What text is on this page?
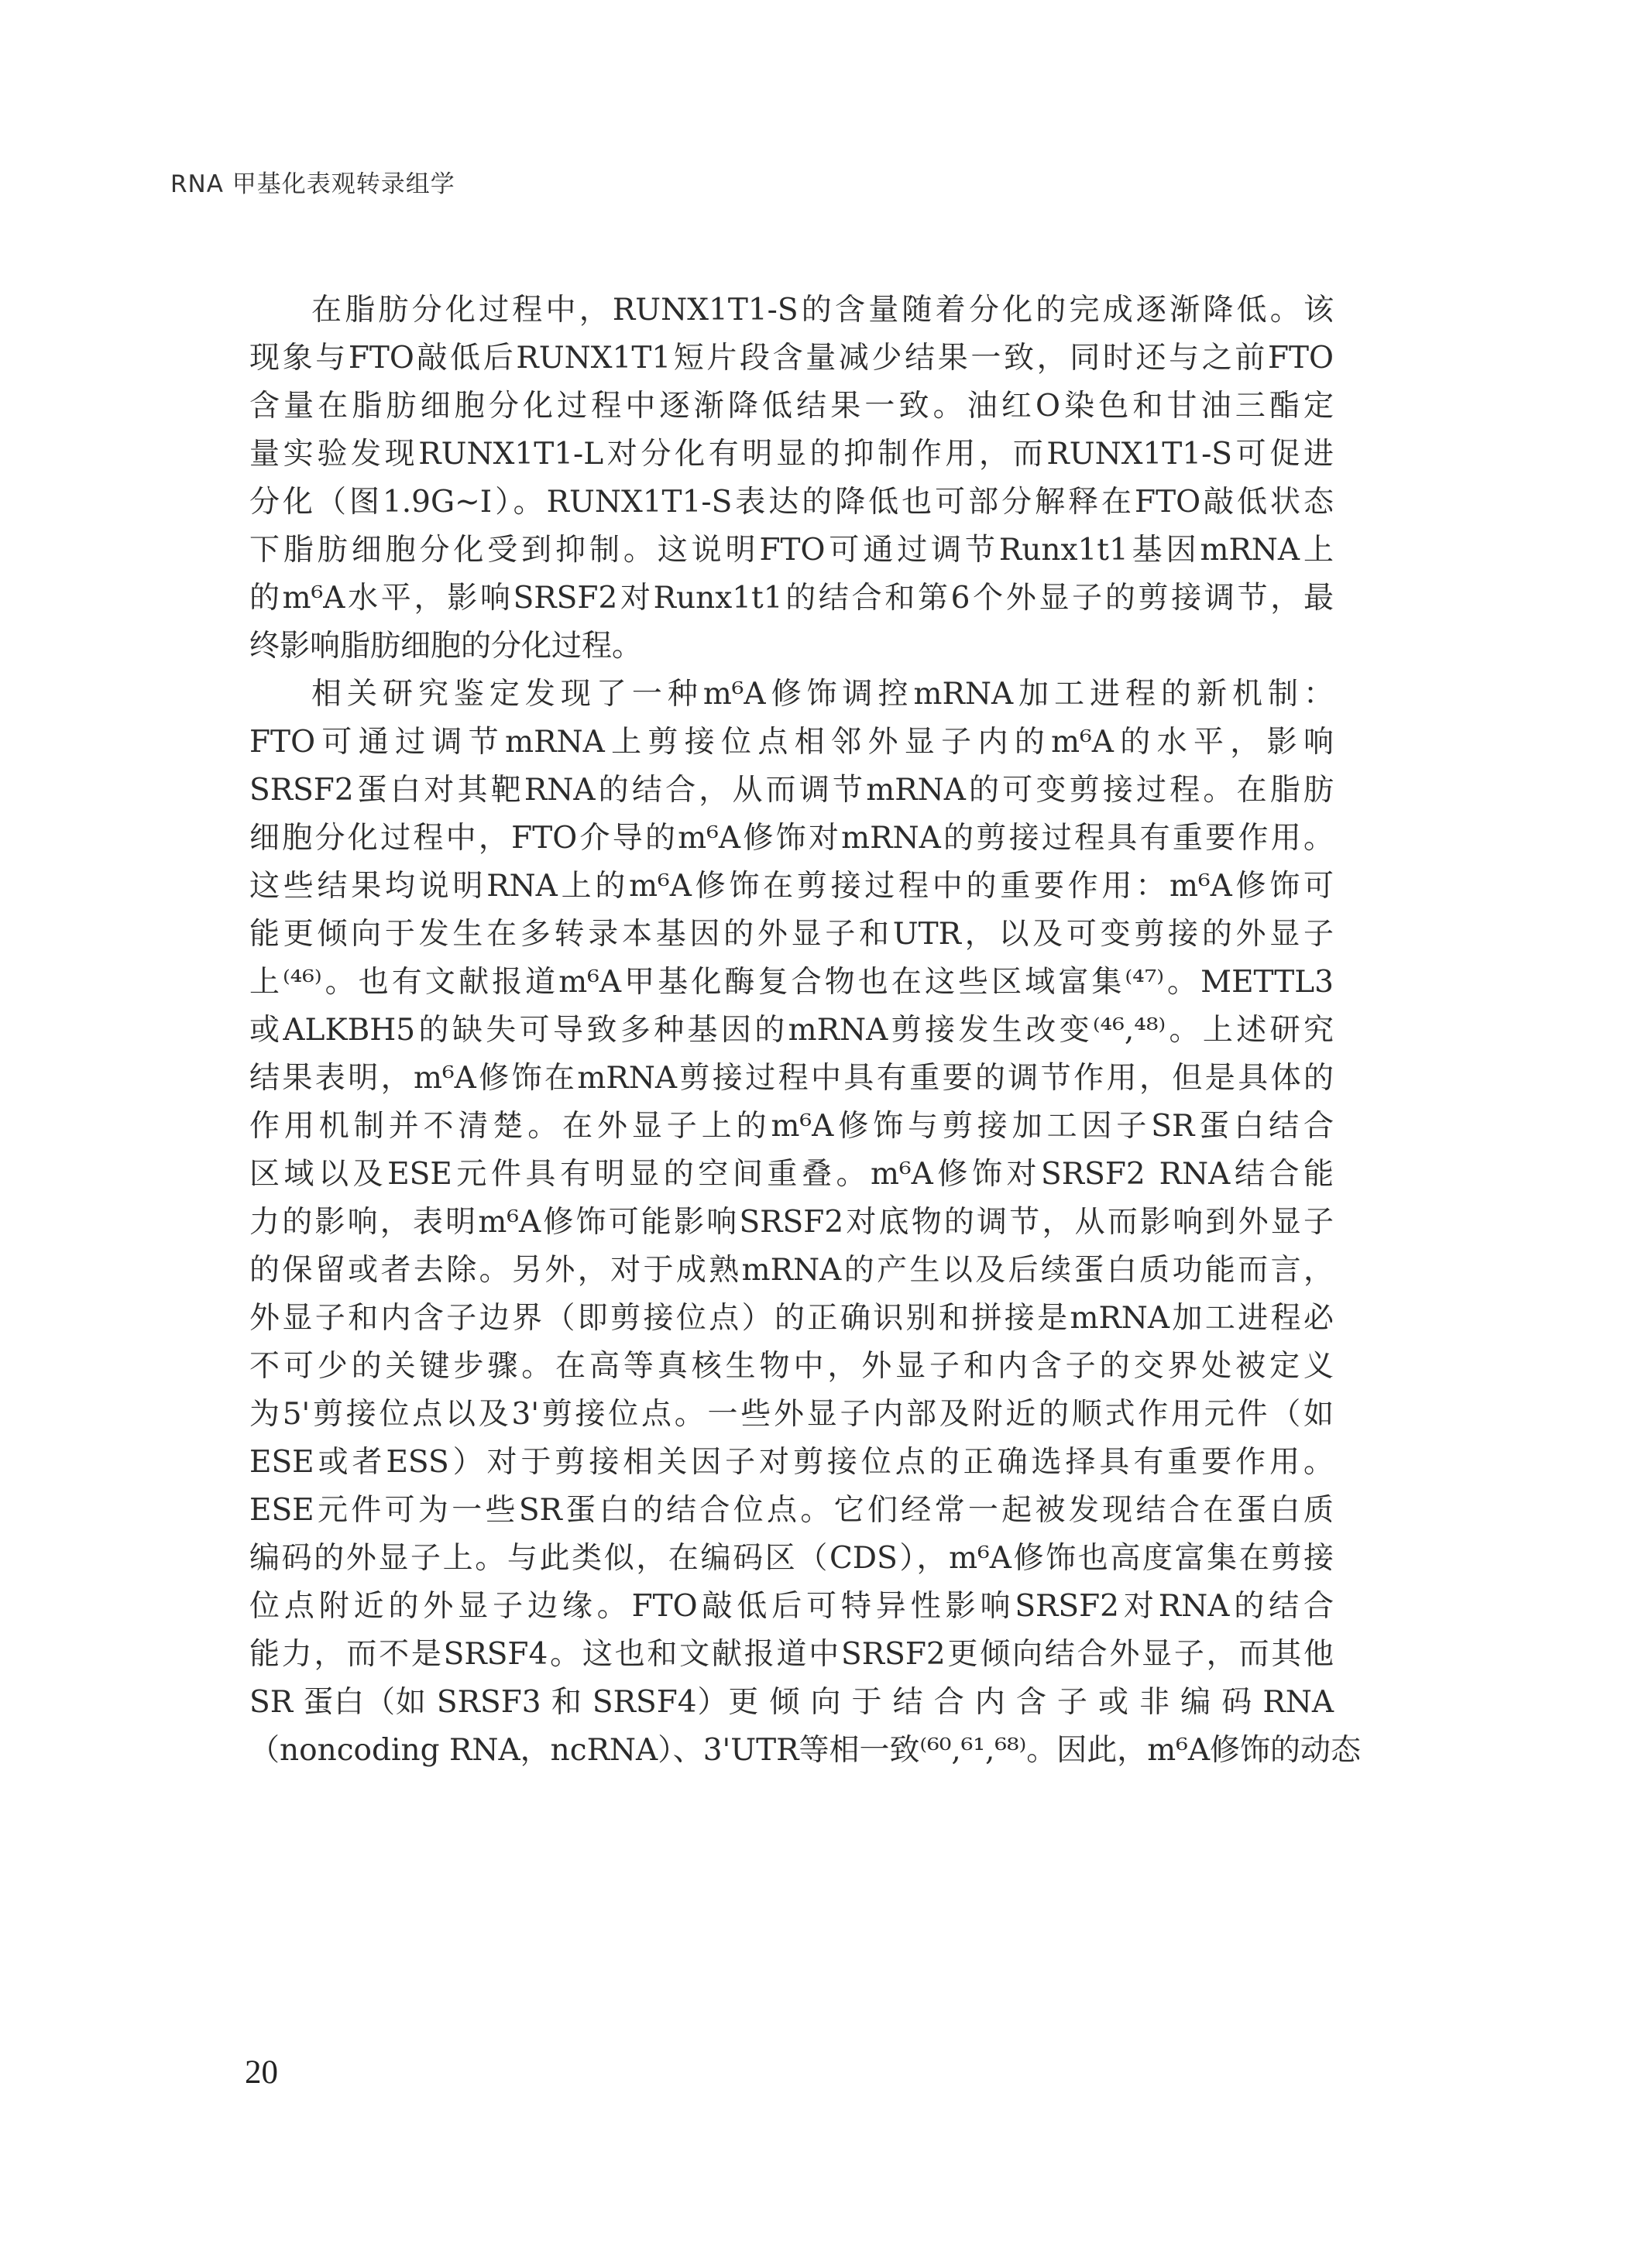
RNA 甲基化表观转录组学
在脂肪分化过程中，RUNX1T1-S的含量随着分化的完成逐渐降低。该
现象与FTO敲低后RUNX1T1短片段含量减少结果一致，同时还与之前FTO
含量在脂肪细胞分化过程中逐渐降低结果一致。油红O染色和甘油三酯定
量实验发现RUNX1T1-L对分化有明显的抑制作用，而RUNX1T1-S可促进
分化（图1.9G~I）。RUNX1T1-S表达的降低也可部分解释在FTO敲低状态
下脂肪细胞分化受到抑制。这说明FTO可通过调节Runx1t1基因mRNA上
的m⁶A水平，影响SRSF2对Runx1t1的结合和第6个外显子的剪接调节，最
终影响脂肪细胞的分化过程。
相关研究鉴定发现了一种m⁶A修饰调控mRNA加工进程的新机制：
FTO可通过调节mRNA上剪接位点相邻外显子内的m⁶A的水平，影响
SRSF2蛋白对其靶RNA的结合，从而调节mRNA的可变剪接过程。在脂肪
细胞分化过程中，FTO介导的m⁶A修饰对mRNA的剪接过程具有重要作用。
这些结果均说明RNA上的m⁶A修饰在剪接过程中的重要作用：m⁶A修饰可
能更倾向于发生在多转录本基因的外显子和UTR，以及可变剪接的外显子
上⁽⁴⁶⁾。也有文献报道m⁶A甲基化酶复合物也在这些区域富集⁽⁴⁷⁾。METTL3
或ALKBH5的缺失可导致多种基因的mRNA剪接发生改变⁽⁴⁶,⁴⁸⁾。上述研究
结果表明，m⁶A修饰在mRNA剪接过程中具有重要的调节作用，但是具体的
作用机制并不清楚。在外显子上的m⁶A修饰与剪接加工因子SR蛋白结合
区域以及ESE元件具有明显的空间重叠。m⁶A修饰对SRSF2 RNA结合能
力的影响，表明m⁶A修饰可能影响SRSF2对底物的调节，从而影响到外显子
的保留或者去除。另外，对于成熟mRNA的产生以及后续蛋白质功能而言，
外显子和内含子边界（即剪接位点）的正确识别和拼接是mRNA加工进程必
不可少的关键步骤。在高等真核生物中，外显子和内含子的交界处被定义
为5'剪接位点以及3'剪接位点。一些外显子内部及附近的顺式作用元件（如
ESE或者ESS）对于剪接相关因子对剪接位点的正确选择具有重要作用。
ESE元件可为一些SR蛋白的结合位点。它们经常一起被发现结合在蛋白质
编码的外显子上。与此类似，在编码区（CDS），m⁶A修饰也高度富集在剪接
位点附近的外显子边缘。FTO敲低后可特异性影响SRSF2对RNA的结合
能力，而不是SRSF4。这也和文献报道中SRSF2更倾向结合外显子，而其他
SR 蛋白（如 SRSF3 和 SRSF4）更 倾 向 于 结 合 内 含 子 或 非 编 码 RNA
（noncoding RNA，ncRNA）、3'UTR等相一致⁽⁶⁰,⁶¹,⁶⁸⁾。因此，m⁶A修饰的动态
20
